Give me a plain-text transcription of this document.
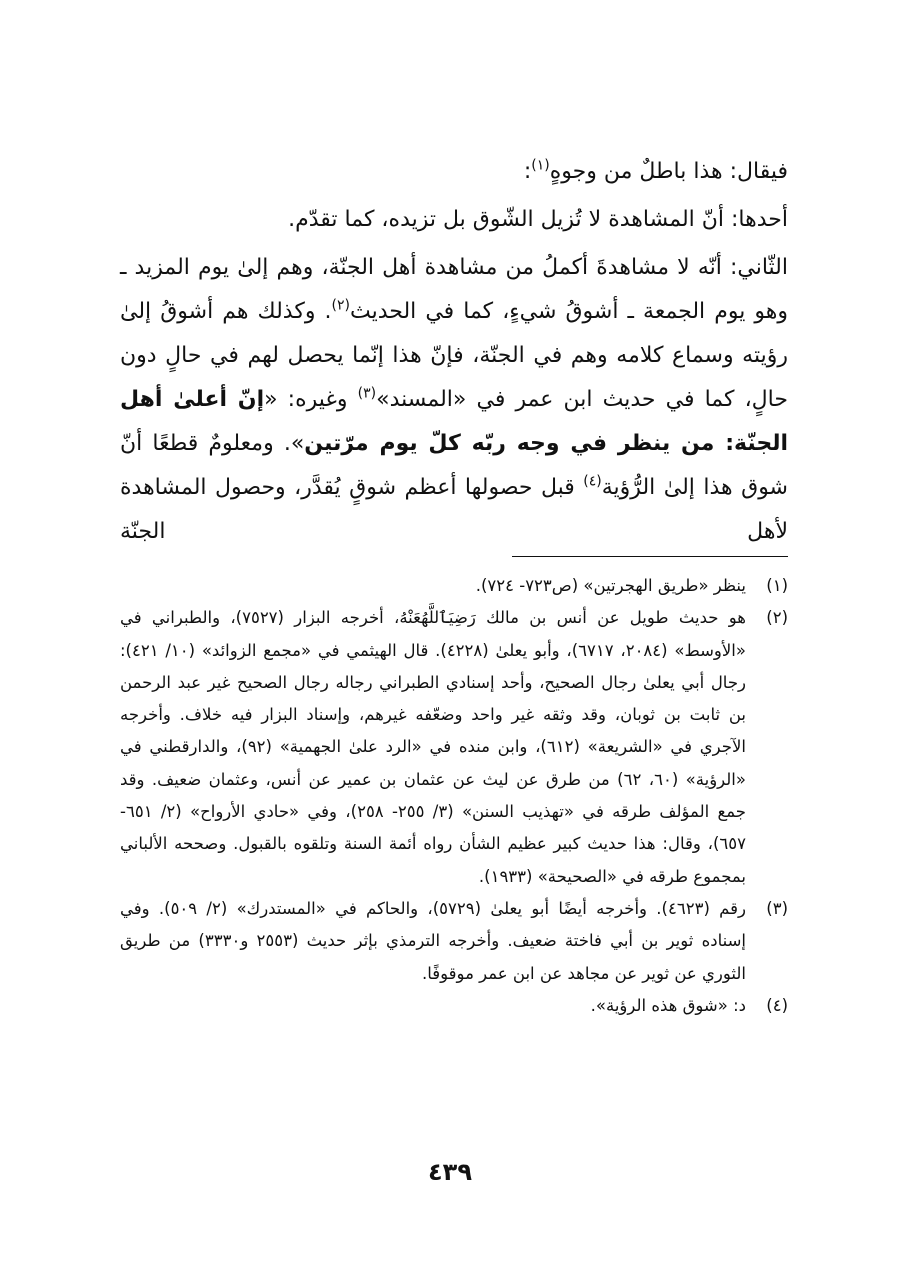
فيقال: هذا باطلٌ من وجوهٍ$^{(١)}$:

أحدها: أنّ المشاهدة لا تُزيل الشّوق بل تزيده، كما تقدّم.

الثّاني: أنّه لا مشاهدةَ أكملُ من مشاهدة أهل الجنّة، وهم إلىٰ يوم المزيد ـ وهو يوم الجمعة ـ أشوقُ شيءٍ، كما في الحديث$^{(٢)}$. وكذلك هم أشوقُ إلىٰ رؤيته وسماع كلامه وهم في الجنّة، فإنّ هذا إنّما يحصل لهم في حالٍ دون حالٍ، كما في حديث ابن عمر في «المسند»$^{(٣)}$ وغيره: «إنّ أعلىٰ أهل الجنّة: من ينظر في وجه ربّه كلّ يوم مرّتين». ومعلومٌ قطعًا أنّ شوق هذا إلىٰ الرُّؤية$^{(٤)}$ قبل حصولها أعظم شوقٍ يُقدَّر، وحصول المشاهدة لأهل الجنّة

(١)
ينظر «طريق الهجرتين» (ص٧٢٣- ٧٢٤).
(٢)
هو حديث طويل عن أنس بن مالك رَضِيَٱللَّهُعَنْهُ، أخرجه البزار (٧٥٢٧)، والطبراني في «الأوسط» (٢٠٨٤، ٦٧١٧)، وأبو يعلىٰ (٤٢٢٨). قال الهيثمي في «مجمع الزوائد» (١٠/ ٤٢١): رجال أبي يعلىٰ رجال الصحيح، وأحد إسنادي الطبراني رجاله رجال الصحيح غير عبد الرحمن بن ثابت بن ثوبان، وقد وثقه غير واحد وضعّفه غيرهم، وإسناد البزار فيه خلاف. وأخرجه الآجري في «الشريعة» (٦١٢)، وابن منده في «الرد علىٰ الجهمية» (٩٢)، والدارقطني في «الرؤية» (٦٠، ٦٢) من طرق عن ليث عن عثمان بن عمير عن أنس، وعثمان ضعيف. وقد جمع المؤلف طرقه في «تهذيب السنن» (٣/ ٢٥٥- ٢٥٨)، وفي «حادي الأرواح» (٢/ ٦٥١- ٦٥٧)، وقال: هذا حديث كبير عظيم الشأن رواه أئمة السنة وتلقوه بالقبول. وصححه الألباني بمجموع طرقه في «الصحيحة» (١٩٣٣).
(٣)
رقم (٤٦٢٣). وأخرجه أيضًا أبو يعلىٰ (٥٧٢٩)، والحاكم في «المستدرك» (٢/ ٥٠٩). وفي إسناده ثوير بن أبي فاختة ضعيف. وأخرجه الترمذي بإثر حديث (٢٥٥٣ و٣٣٣٠) من طريق الثوري عن ثوير عن مجاهد عن ابن عمر موقوفًا.
(٤)
د: «شوق هذه الرؤية».
٤٣٩
